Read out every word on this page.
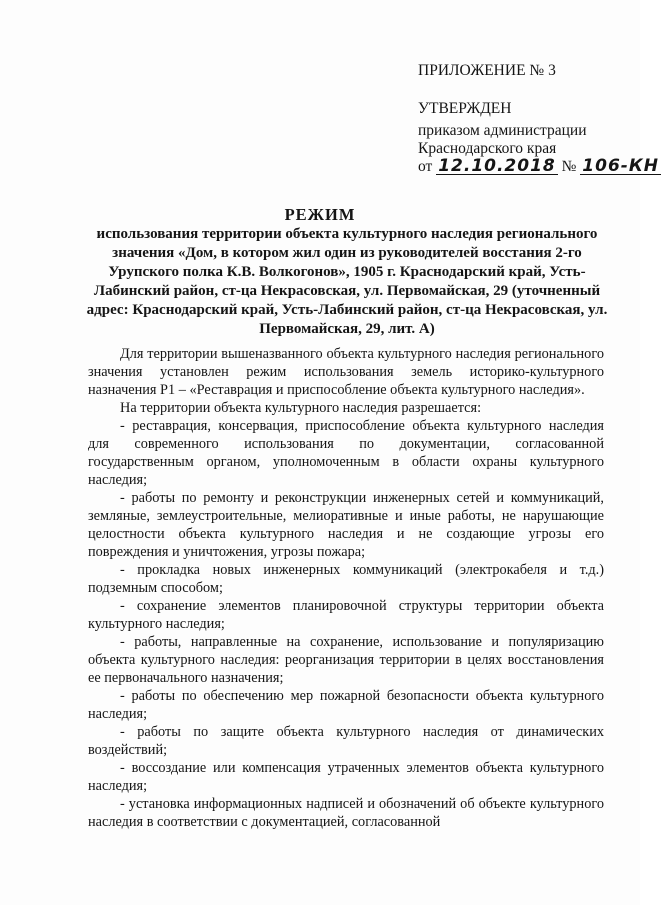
ПРИЛОЖЕНИЕ № 3
УТВЕРЖДЕН
приказом администрации
Краснодарского края
от 12.10.2018 № 106-КН
РЕЖИМ
использования территории объекта культурного наследия регионального значения «Дом, в котором жил один из руководителей восстания 2-го Урупского полка К.В. Волкогонов», 1905 г. Краснодарский край, Усть-Лабинский район, ст-ца Некрасовская, ул. Первомайская, 29 (уточненный адрес: Краснодарский край, Усть-Лабинский район, ст-ца Некрасовская, ул. Первомайская, 29, лит. А)

Для территории вышеназванного объекта культурного наследия регионального значения установлен режим использования земель историко-культурного назначения Р1 – «Реставрация и приспособление объекта культурного наследия».

На территории объекта культурного наследия разрешается:

- реставрация, консервация, приспособление объекта культурного наследия для современного использования по документации, согласованной государственным органом, уполномоченным в области охраны культурного наследия;
- работы по ремонту и реконструкции инженерных сетей и коммуникаций, земляные, землеустроительные, мелиоративные и иные работы, не нарушающие целостности объекта культурного наследия и не создающие угрозы его повреждения и уничтожения, угрозы пожара;
- прокладка новых инженерных коммуникаций (электрокабеля и т.д.) подземным способом;
- сохранение элементов планировочной структуры территории объекта культурного наследия;
- работы, направленные на сохранение, использование и популяризацию объекта культурного наследия: реорганизация территории в целях восстановления ее первоначального назначения;
- работы по обеспечению мер пожарной безопасности объекта культурного наследия;
- работы по защите объекта культурного наследия от динамических воздействий;
- воссоздание или компенсация утраченных элементов объекта культурного наследия;
- установка информационных надписей и обозначений об объекте культурного наследия в соответствии с документацией, согласованной
